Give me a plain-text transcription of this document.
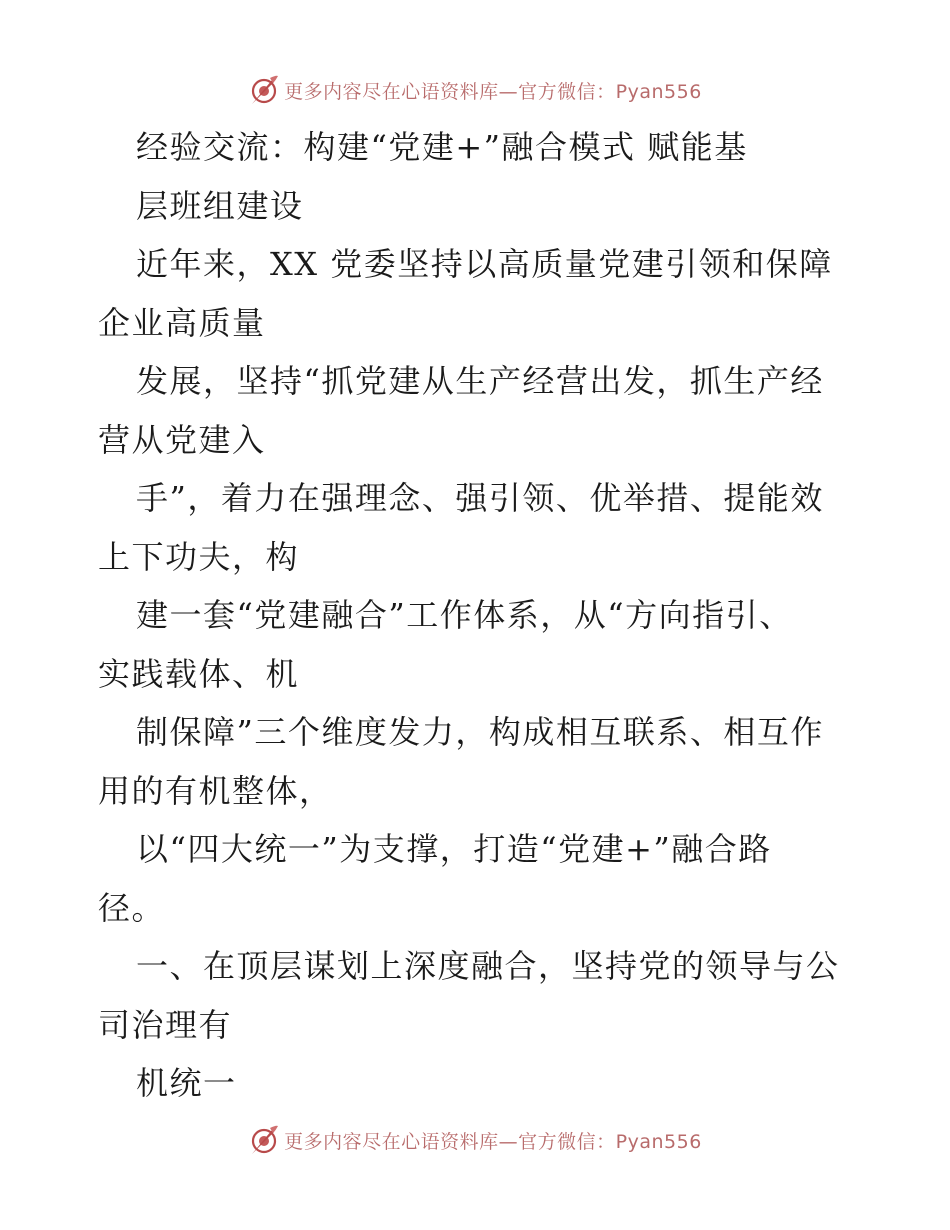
更多内容尽在心语资料库—官方微信：Pyan556
经验交流：构建“党建+”融合模式 赋能基
层班组建设
近年来，XX 党委坚持以高质量党建引领和保障
企业高质量
发展，坚持“抓党建从生产经营出发，抓生产经
营从党建入
手”，着力在强理念、强引领、优举措、提能效
上下功夫，构
建一套“党建融合”工作体系，从“方向指引、
实践载体、机
制保障”三个维度发力，构成相互联系、相互作
用的有机整体，
以“四大统一”为支撑，打造“党建+”融合路
径。
一、在顶层谋划上深度融合，坚持党的领导与公
司治理有
机统一
更多内容尽在心语资料库—官方微信：Pyan556
